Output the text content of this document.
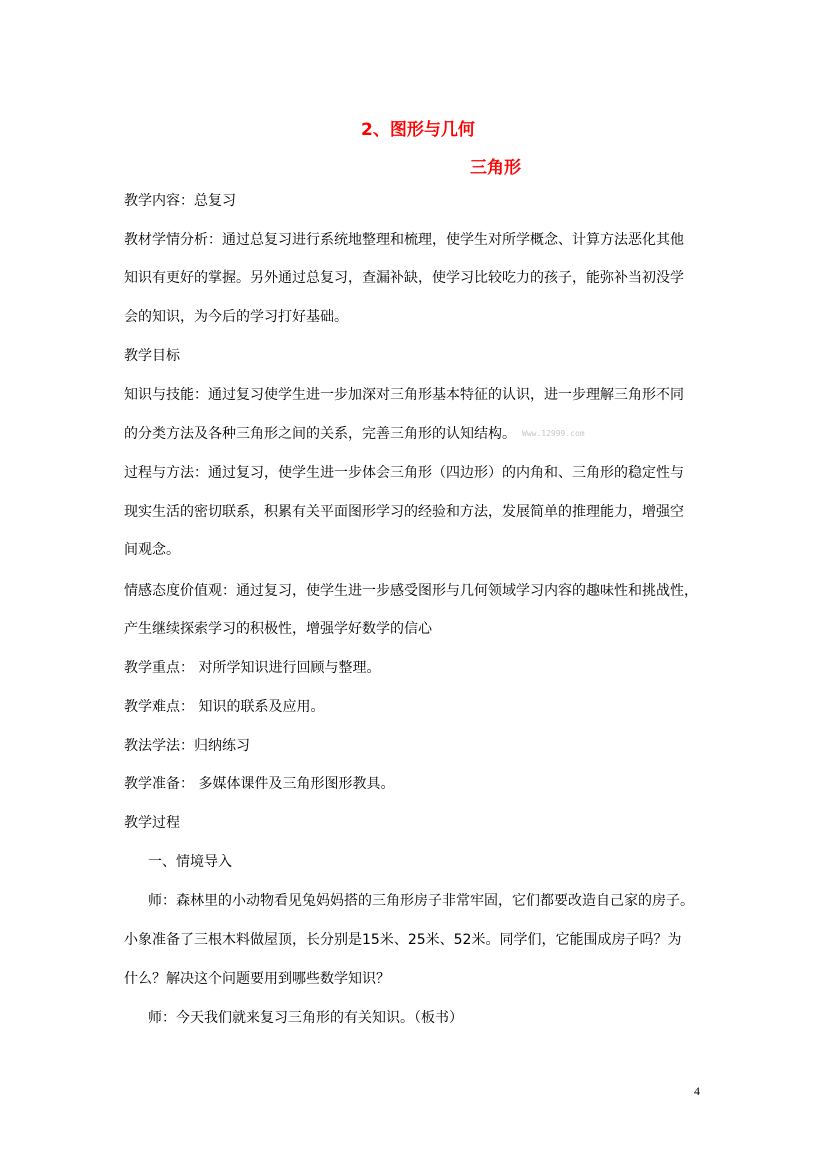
2、图形与几何
三角形
教学内容：总复习
教材学情分析：通过总复习进行系统地整理和梳理，使学生对所学概念、计算方法恶化其他
知识有更好的掌握。另外通过总复习，查漏补缺，使学习比较吃力的孩子，能弥补当初没学
会的知识，为今后的学习打好基础。
教学目标
知识与技能：通过复习使学生进一步加深对三角形基本特征的认识，进一步理解三角形不同
的分类方法及各种三角形之间的关系，完善三角形的认知结构。 Www.12999.com
过程与方法：通过复习，使学生进一步体会三角形（四边形）的内角和、三角形的稳定性与
现实生活的密切联系，积累有关平面图形学习的经验和方法，发展简单的推理能力，增强空
间观念。
情感态度价值观：通过复习，使学生进一步感受图形与几何领域学习内容的趣味性和挑战性，
产生继续探索学习的积极性，增强学好数学的信心
教学重点： 对所学知识进行回顾与整理。
教学难点： 知识的联系及应用。
教法学法：归纳练习
教学准备： 多媒体课件及三角形图形教具。
教学过程
一、情境导入
师：森林里的小动物看见兔妈妈搭的三角形房子非常牢固，它们都要改造自己家的房子。
小象准备了三根木料做屋顶，长分别是15米、25米、52米。同学们，它能围成房子吗？为
什么？解决这个问题要用到哪些数学知识？
师：今天我们就来复习三角形的有关知识。（板书）
4
